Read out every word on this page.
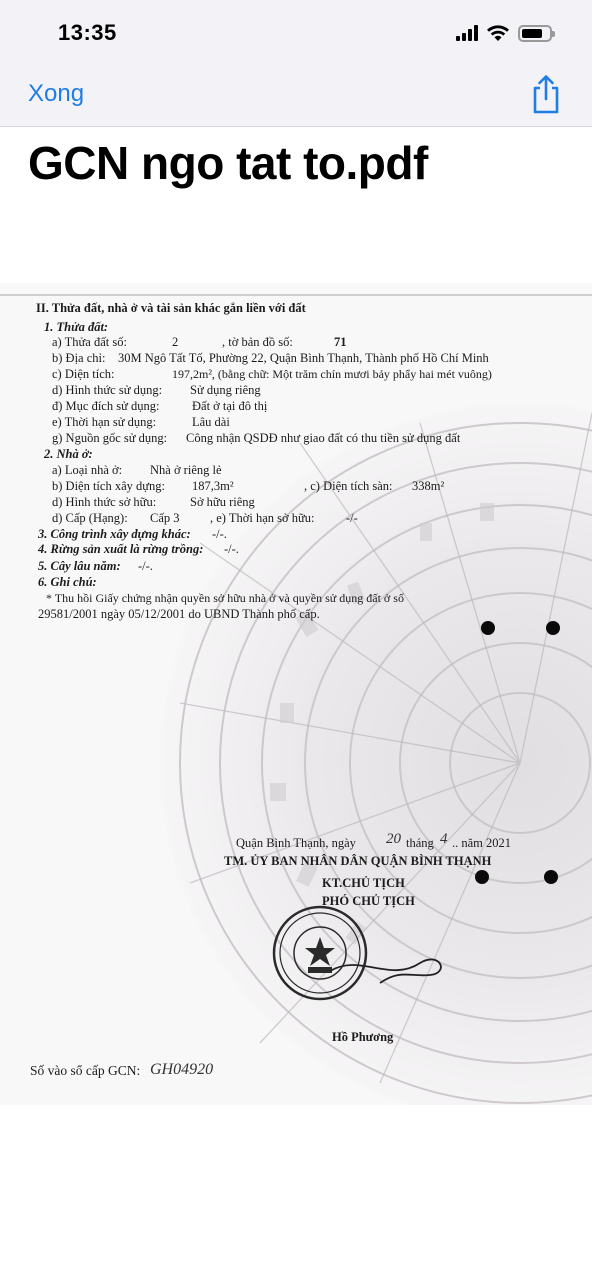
13:35
Xong
GCN ngo tat to.pdf
II. Thửa đất, nhà ở và tài sản khác gắn liền với đất
1. Thửa đất:
a) Thửa đất số:	2	, tờ bản đồ số:	71
b) Địa chỉ: 30M Ngô Tất Tố, Phường 22, Quận Bình Thạnh, Thành phố Hồ Chí Minh
c) Diện tích:	197,2m², (bằng chữ: Một trăm chín mươi bảy phẩy hai mét vuông)
d) Hình thức sử dụng: Sử dụng riêng
đ) Mục đích sử dụng:	Đất ở tại đô thị
e) Thời hạn sử dụng:	Lâu dài
g) Nguồn gốc sử dụng: Công nhận QSDĐ như giao đất có thu tiền sử dụng đất
2. Nhà ở:
a) Loại nhà ở: Nhà ở riêng lẻ
b) Diện tích xây dựng: 187,3m²	, c) Diện tích sàn: 338m²
d) Hình thức sở hữu:	Sở hữu riêng
d) Cấp (Hạng): Cấp 3 , e) Thời hạn sở hữu:	-/-
3. Công trình xây dựng khác: -/-.
4. Rừng sản xuất là rừng trồng: -/-.
5. Cây lâu năm: -/-.
6. Ghi chú:
* Thu hồi Giấy chứng nhận quyền sở hữu nhà ở và quyền sử dụng đất ở số
29581/2001 ngày 05/12/2001 do UBND Thành phố cấp.
Quận Bình Thạnh, ngày 20 tháng 4 .. năm 2021
TM. ỦY BAN NHÂN DÂN QUẬN BÌNH THẠNH
KT.CHỦ TỊCH
PHÓ CHỦ TỊCH
Hồ Phương
Số vào sổ cấp GCN: GH04920
